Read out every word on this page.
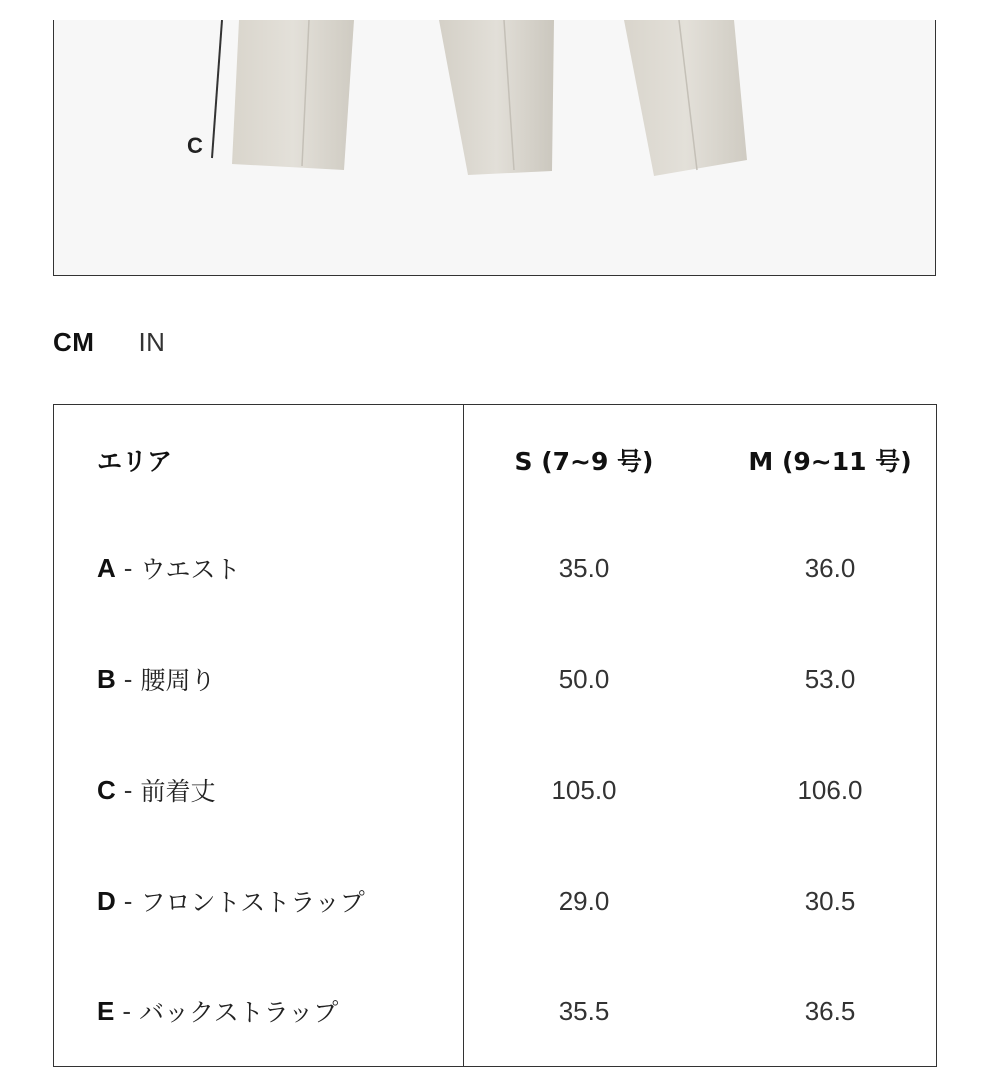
C
CM IN
エリア	S (7~9 号)	M (9~11 号)
A - ウエスト	35.0	36.0
B - 腰周り	50.0	53.0
C - 前着丈	105.0	106.0
D - フロントストラップ	29.0	30.5
E - バックストラップ	35.5	36.5
